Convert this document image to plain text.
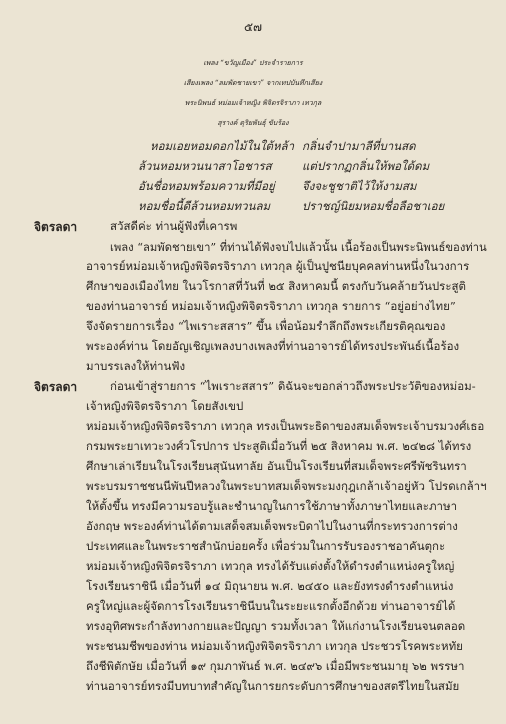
๕๗
เพลง “ขวัญเมือง” ประจำรายการ
เสียงเพลง “ลมพัดชายเขา” จากเทปบันทึกเสียง
พระนิพนธ์ หม่อมเจ้าหญิง พิจิตรจิราภา เทวกุล
สุรางค์ ดุริยพันธุ์ ขับร้อง
หอมเอยหอมดอกไม้ในใต้หล้า กลิ่นจำปามาลีที่บานสด
ล้วนหอมหวนนาสาโอชารส	แต่ปรากฏกลิ่นให้พอใด้ดม
อันชื่อหอมพร้อมความที่มีอยู่ จึงจะชูชาติไว้ให้งามสม
หอมชื่อนี้ดีล้วนหอมทวนลม	ปราชญ์นิยมหอมชื่อลือชาเอย
จิตรลดา	สวัสดีค่ะ ท่านผู้ฟังที่เคารพ
เพลง “ลมพัดชายเขา” ที่ท่านได้ฟังจบไปแล้วนั้น เนื้อร้องเป็นพระนิพนธ์ของท่าน
อาจารย์หม่อมเจ้าหญิงพิจิตรจิราภา เทวกุล ผู้เป็นปูชนียบุคคลท่านหนึ่งในวงการ
ศึกษาของเมืองไทย ในวโรกาสที่วันที่ ๒๕ สิงหาคมนี้ ตรงกับวันคล้ายวันประสูติ
ของท่านอาจารย์ หม่อมเจ้าหญิงพิจิตรจิราภา เทวกุล รายการ “อยู่อย่างไทย”
จึงจัดรายการเรื่อง “ไพเราะสสาร” ขึ้น เพื่อน้อมรำลึกถึงพระเกียรติคุณของ
พระองค์ท่าน โดยอัญเชิญเพลงบางเพลงที่ท่านอาจารย์ได้ทรงประพันธ์เนื้อร้อง
มาบรรเลงให้ท่านฟัง
จิตรลดา	ก่อนเข้าสู่รายการ “ไพเราะสสาร” ดิฉันจะขอกล่าวถึงพระประวัติของหม่อม-
เจ้าหญิงพิจิตรจิราภา โดยสังเขป
หม่อมเจ้าหญิงพิจิตรจิราภา เทวกุล ทรงเป็นพระธิดาของสมเด็จพระเจ้าบรมวงศ์เธอ
กรมพระยาเทวะวงศ์วโรปการ ประสูติเมื่อวันที่ ๒๕ สิงหาคม พ.ศ. ๒๔๒๘ ได้ทรง
ศึกษาเล่าเรียนในโรงเรียนสุนันทาลัย อันเป็นโรงเรียนที่สมเด็จพระศรีพัชรินทรา
พระบรมราชชนนีพันปีหลวงในพระบาทสมเด็จพระมงกุฎเกล้าเจ้าอยู่หัว โปรดเกล้าฯ
ให้ตั้งขึ้น ทรงมีความรอบรู้และชำนาญในการใช้ภาษาทั้งภาษาไทยและภาษา
อังกฤษ พระองค์ท่านได้ตามเสด็จสมเด็จพระบิดาไปในงานที่กระทรวงการต่าง
ประเทศและในพระราชสำนักบ่อยครั้ง เพื่อร่วมในการรับรองราชอาคันตุกะ
หม่อมเจ้าหญิงพิจิตรจิราภา เทวกุล ทรงได้รับแต่งตั้งให้ดำรงตำแหน่งครูใหญ่
โรงเรียนราชินี เมื่อวันที่ ๑๔ มิถุนายน พ.ศ. ๒๔๕๐ และยังทรงดำรงตำแหน่ง
ครูใหญ่และผู้จัดการโรงเรียนราชินีบนในระยะแรกตั้งอีกด้วย ท่านอาจารย์ได้
ทรงอุทิศพระกำลังทางกายและปัญญา รวมทั้งเวลา ให้แก่งานโรงเรียนจนตลอด
พระชนมชีพของท่าน หม่อมเจ้าหญิงพิจิตรจิราภา เทวกุล ประชวรโรคพระหทัย
ถึงชีพิตักษัย เมื่อวันที่ ๑๙ กุมภาพันธ์ พ.ศ. ๒๔๙๖ เมื่อมีพระชนมายุ ๖๒ พรรษา
ท่านอาจารย์ทรงมีบทบาทสำคัญในการยกระดับการศึกษาของสตรีไทยในสมัย
